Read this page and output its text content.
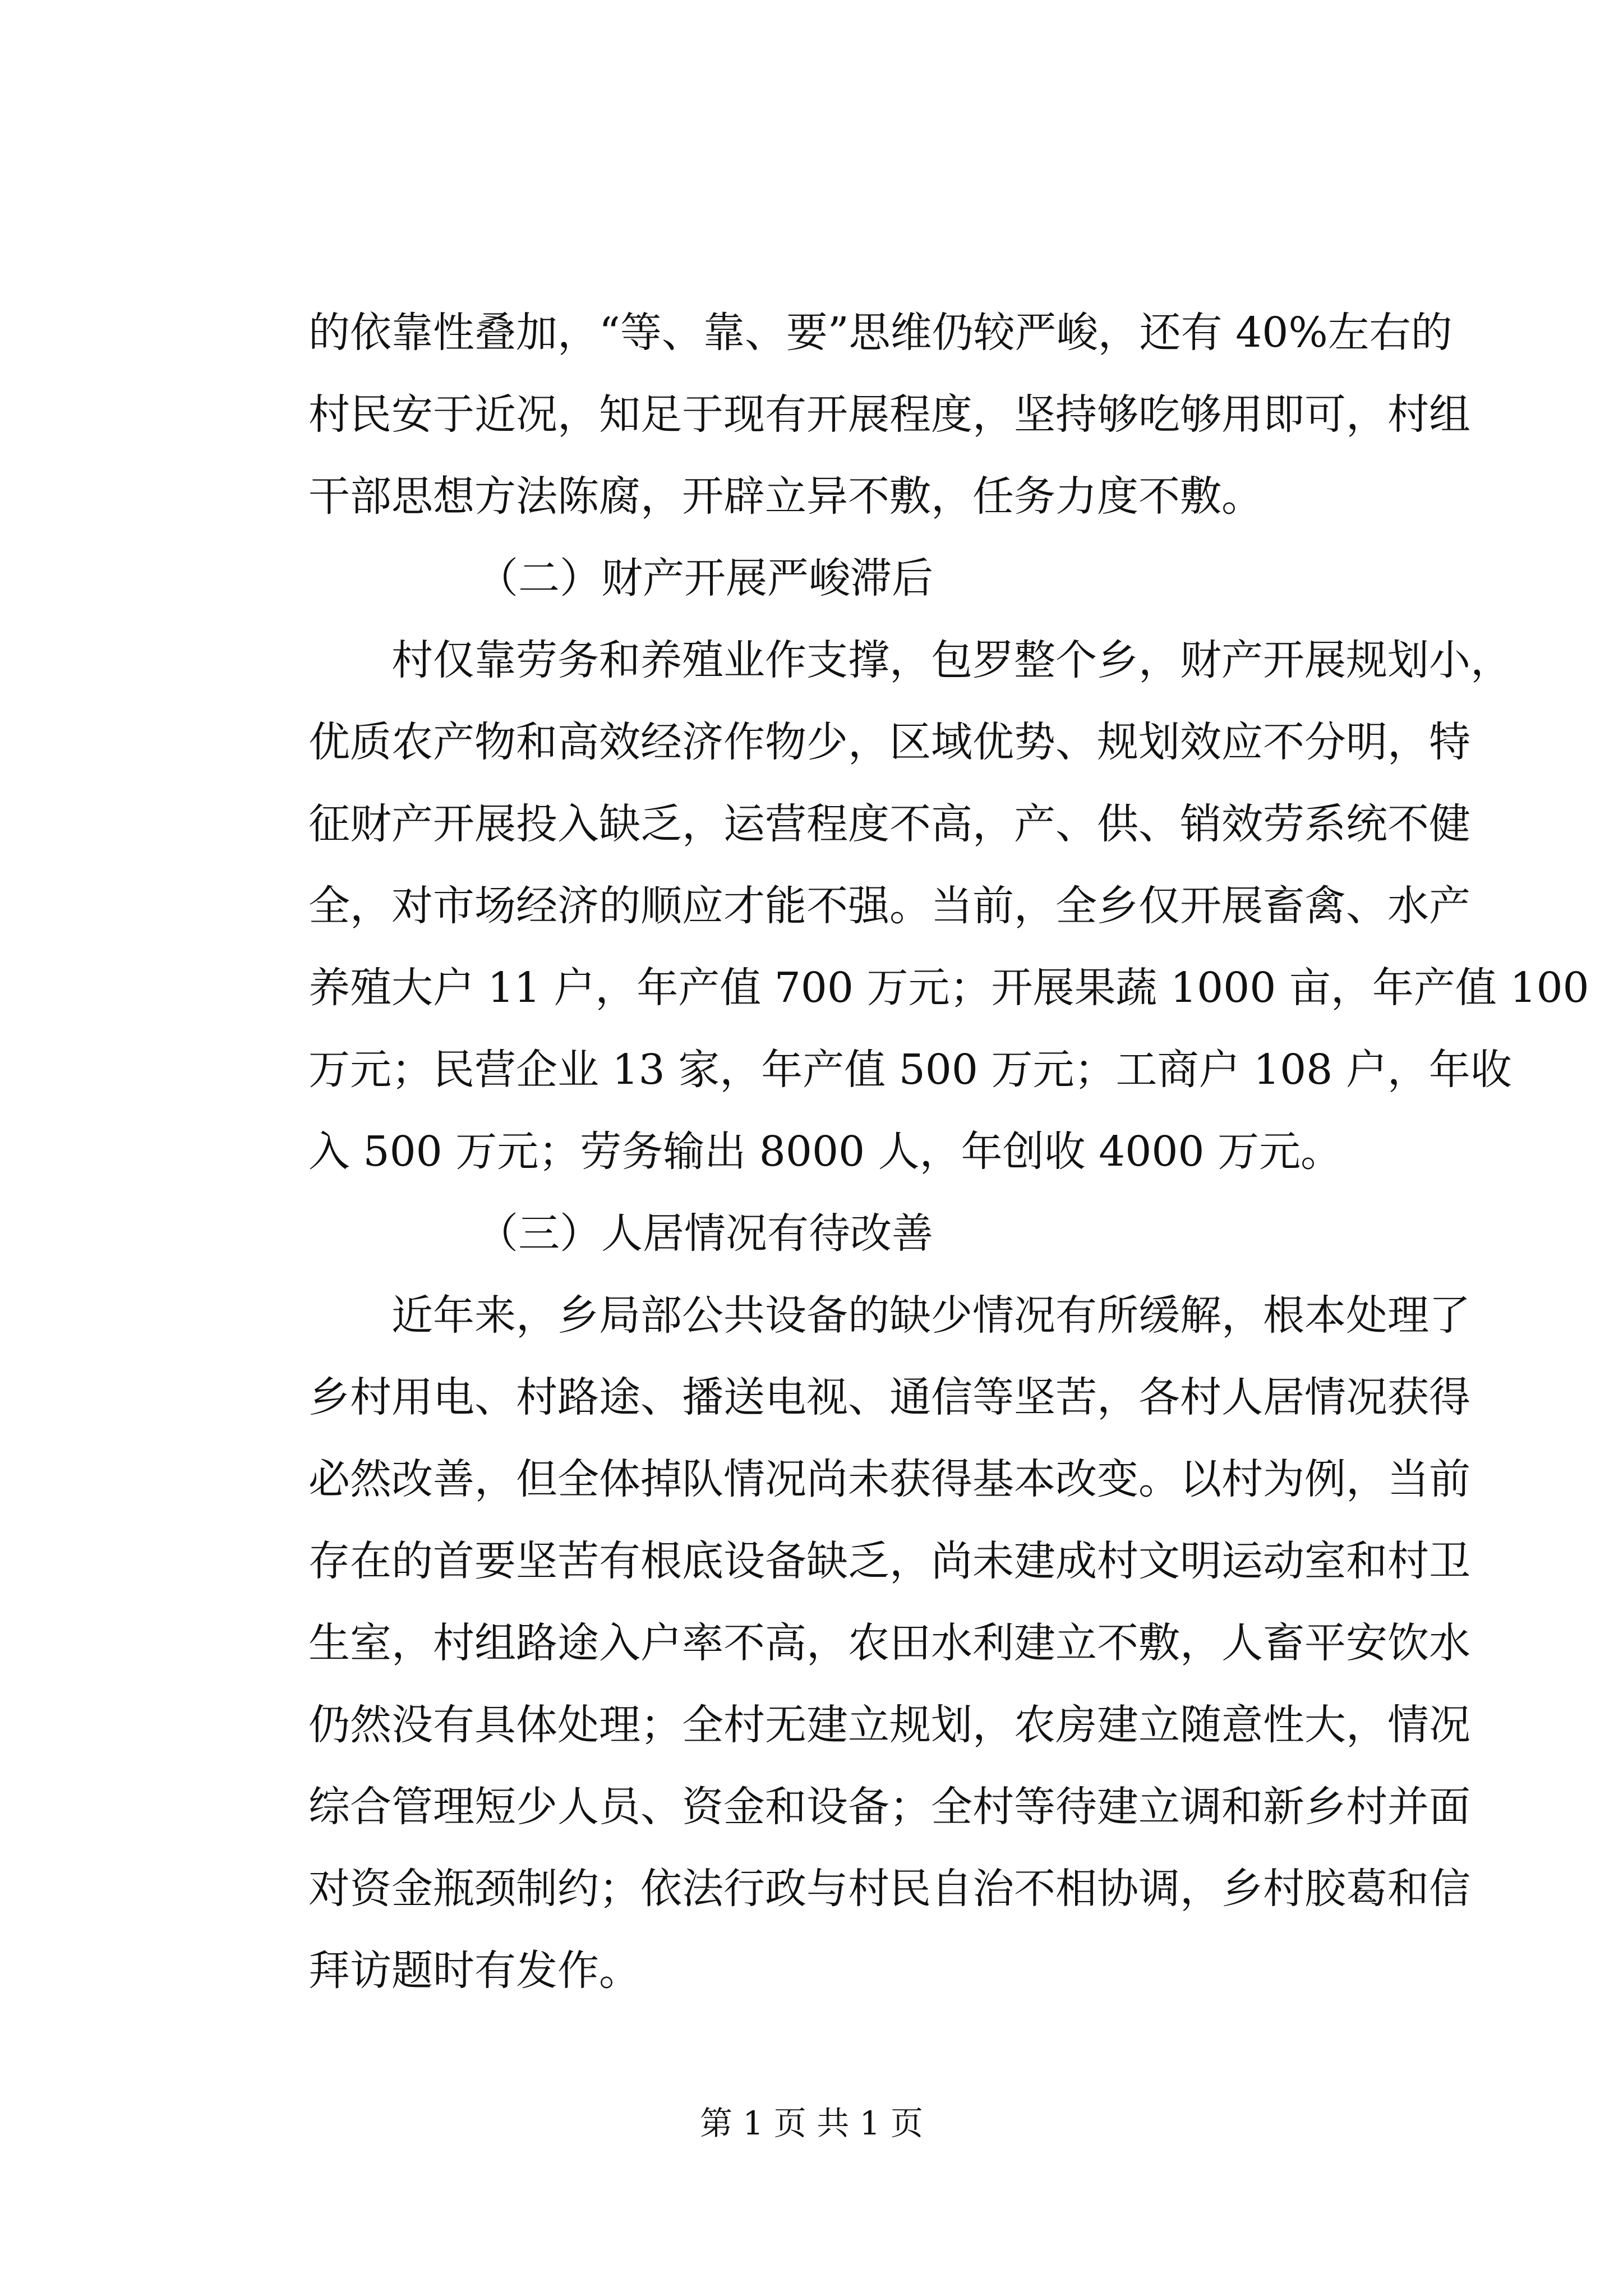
的依靠性叠加，“等、靠、要”思维仍较严峻，还有 40%左右的
村民安于近况，知足于现有开展程度，坚持够吃够用即可，村组
干部思想方法陈腐，开辟立异不敷，任务力度不敷。
（二）财产开展严峻滞后
　　村仅靠劳务和养殖业作支撑，包罗整个乡，财产开展规划小，
优质农产物和高效经济作物少，区域优势、规划效应不分明，特
征财产开展投入缺乏，运营程度不高，产、供、销效劳系统不健
全，对市场经济的顺应才能不强。当前，全乡仅开展畜禽、水产
养殖大户 11 户，年产值 700 万元；开展果蔬 1000 亩，年产值 100
万元；民营企业 13 家，年产值 500 万元；工商户 108 户，年收
入 500 万元；劳务输出 8000 人，年创收 4000 万元。
（三）人居情况有待改善
　　近年来，乡局部公共设备的缺少情况有所缓解，根本处理了
乡村用电、村路途、播送电视、通信等坚苦，各村人居情况获得
必然改善，但全体掉队情况尚未获得基本改变。以村为例，当前
存在的首要坚苦有根底设备缺乏，尚未建成村文明运动室和村卫
生室，村组路途入户率不高，农田水利建立不敷，人畜平安饮水
仍然没有具体处理；全村无建立规划，农房建立随意性大，情况
综合管理短少人员、资金和设备；全村等待建立调和新乡村并面
对资金瓶颈制约；依法行政与村民自治不相协调，乡村胶葛和信
拜访题时有发作。
第 1 页 共 1 页
